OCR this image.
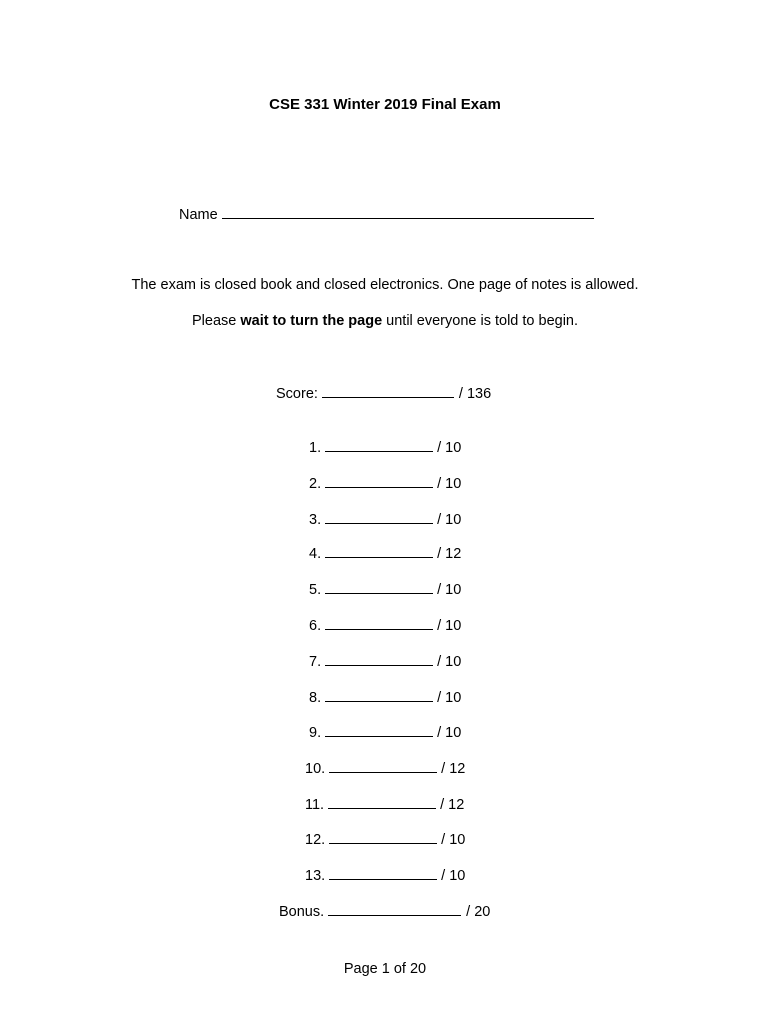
CSE 331 Winter 2019 Final Exam
Name
The exam is closed book and closed electronics. One page of notes is allowed.
Please wait to turn the page until everyone is told to begin.
Score:	/ 136
1.	/ 10
2.	/ 10
3.	/ 10
4.	/ 12
5.	/ 10
6.	/ 10
7.	/ 10
8.	/ 10
9.	/ 10
10.	/ 12
11.	/ 12
12.	/ 10
13.	/ 10
Bonus.	/ 20
Page 1 of 20
